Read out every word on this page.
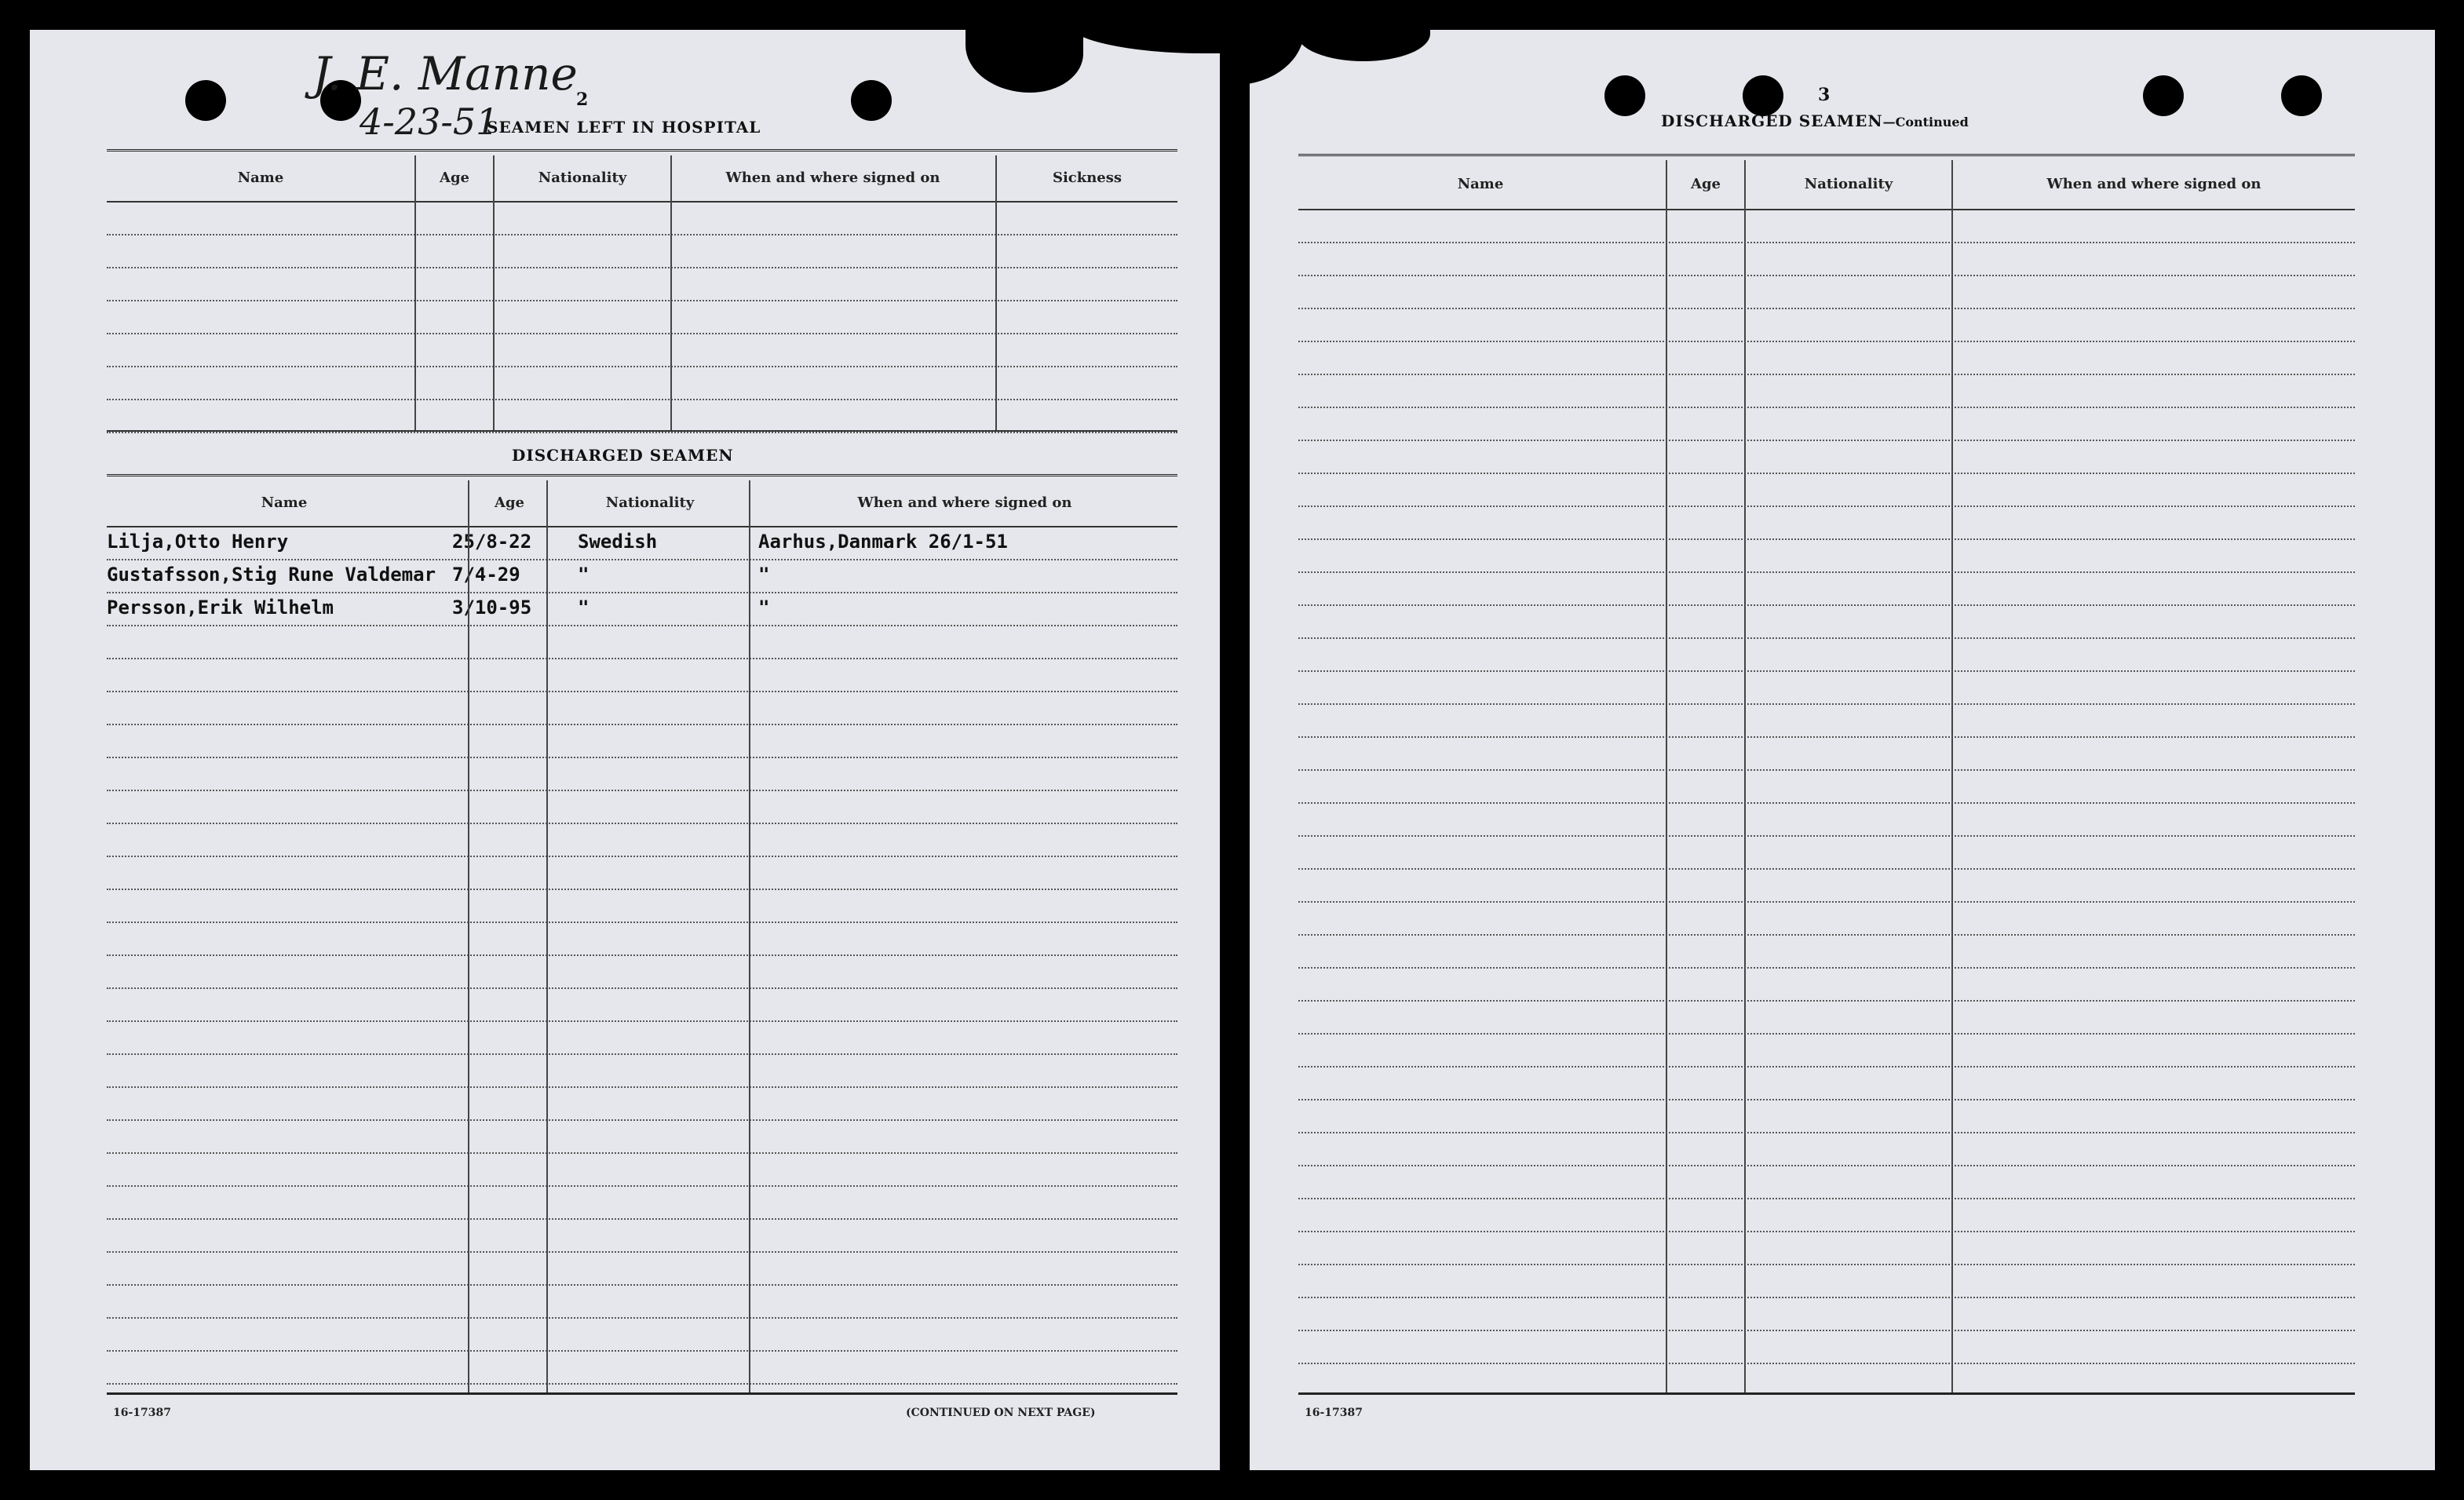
J. E. Manne
4-23-51
2
SEAMEN LEFT IN HOSPITAL
Name	Age	Nationality	When and where signed on	Sickness
DISCHARGED SEAMEN
Name	Age	Nationality	When and where signed on
Lilja,Otto Henry	25/8-22 Swedish	Aarhus,Danmark 26/1-51
Gustafsson,Stig Rune Valdemar 7/4-29	"	"
Persson,Erik Wilhelm	3/10-95 "	"
16-17387	(CONTINUED ON NEXT PAGE)
3
DISCHARGED SEAMEN—Continued
Name	Age	Nationality	When and where signed on
16-17387
